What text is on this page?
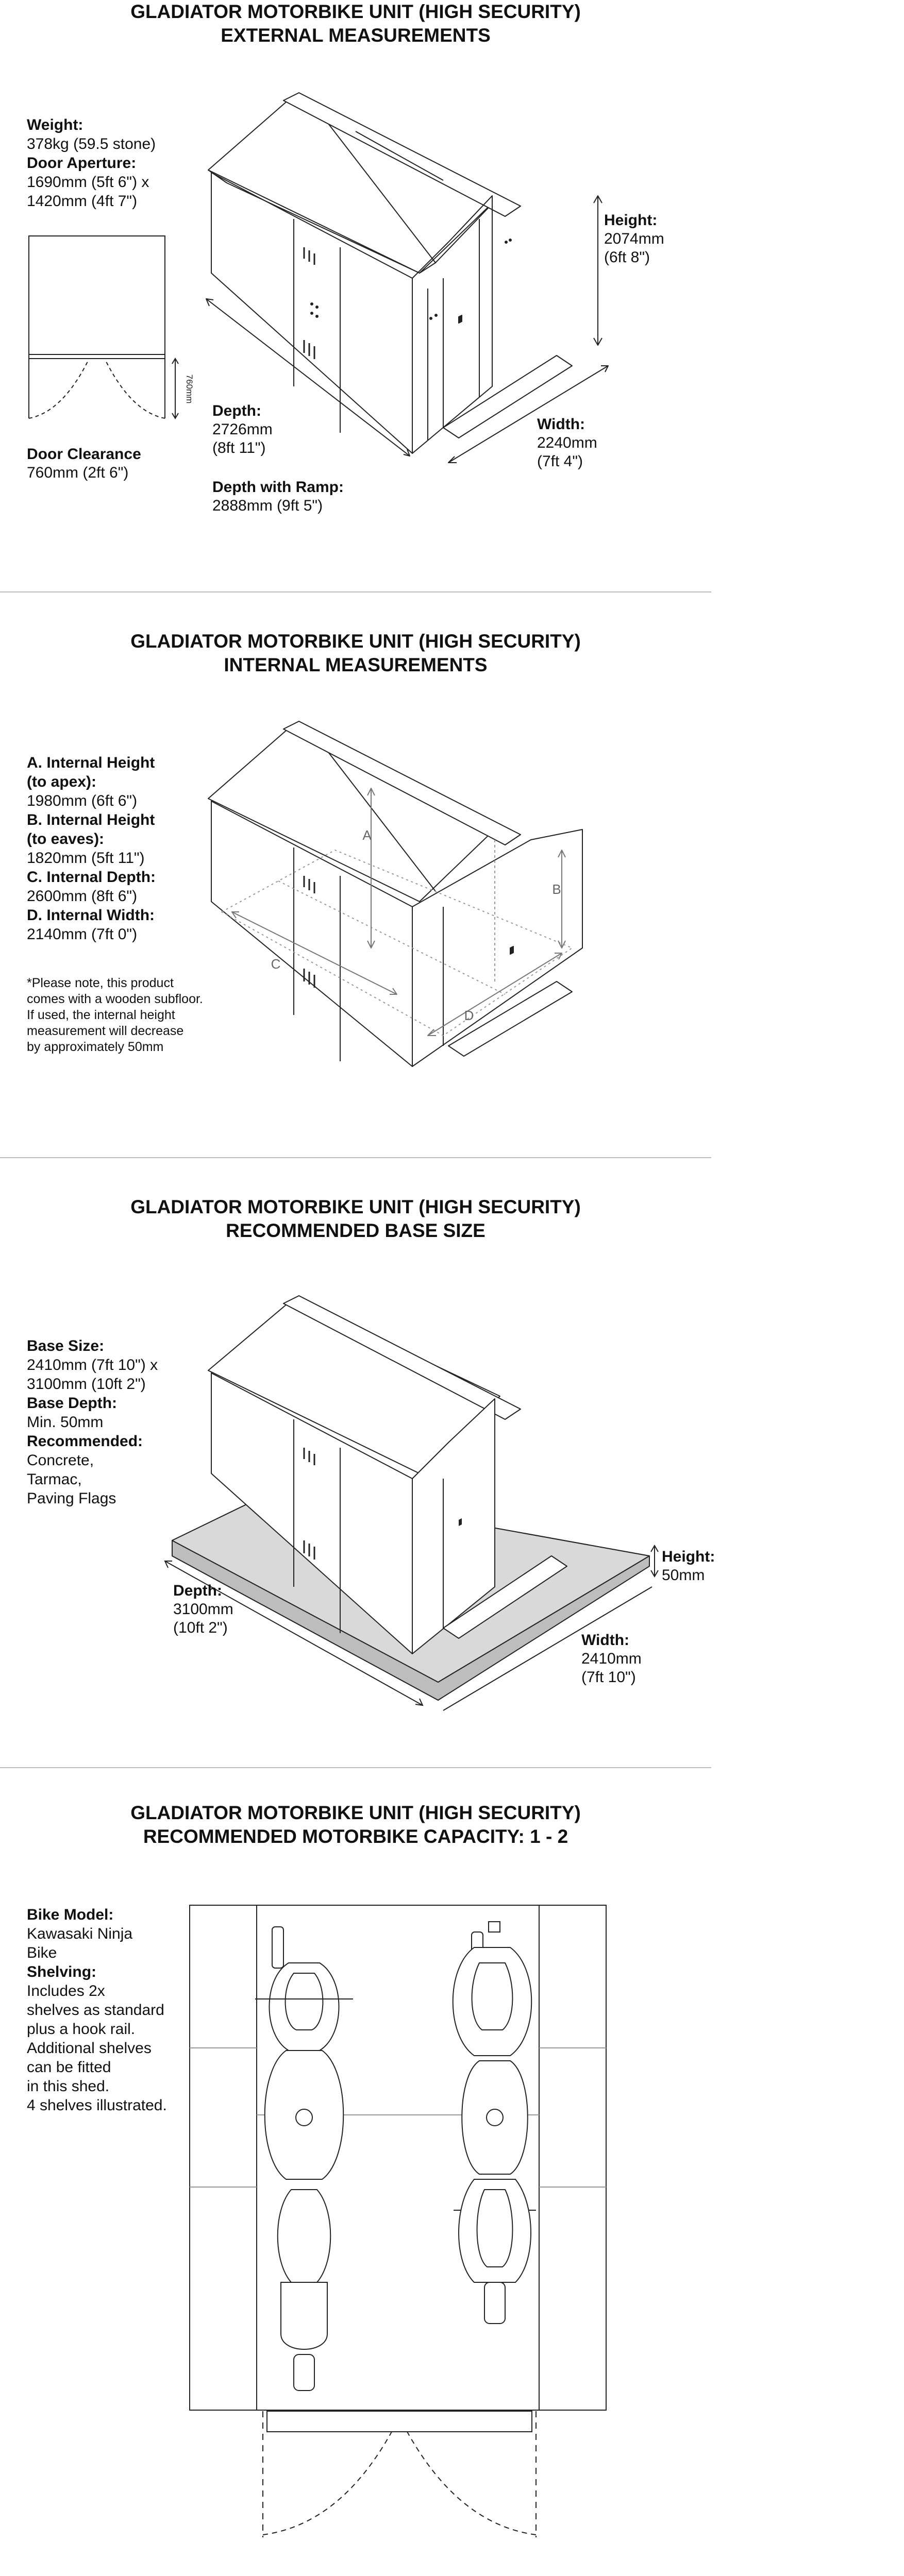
GLADIATOR MOTORBIKE UNIT (HIGH SECURITY)
EXTERNAL MEASUREMENTS
Weight:
378kg (59.5 stone)
Door Aperture:
1690mm (5ft 6") x
1420mm (4ft 7")
760mm
Door Clearance
760mm (2ft 6")
Height:
2074mm
(6ft 8")
Depth:
2726mm
(8ft 11")
Width:
2240mm
(7ft 4")
Depth with Ramp:
2888mm (9ft 5")
GLADIATOR MOTORBIKE UNIT (HIGH SECURITY)
INTERNAL MEASUREMENTS
A. Internal Height
(to apex):
1980mm (6ft 6")
B. Internal Height
(to eaves):
1820mm (5ft 11")
C. Internal Depth:
2600mm (8ft 6")
D. Internal Width:
2140mm (7ft 0")
*Please note, this product
comes with a wooden subfloor.
If used, the internal height
measurement will decrease
by approximately 50mm
A
B
C
D
GLADIATOR MOTORBIKE UNIT (HIGH SECURITY)
RECOMMENDED BASE SIZE
Base Size:
2410mm (7ft 10") x
3100mm (10ft 2")
Base Depth:
Min. 50mm
Recommended:
Concrete,
Tarmac,
Paving Flags
Height:
50mm
Depth:
3100mm
(10ft 2")
Width:
2410mm
(7ft 10")
GLADIATOR MOTORBIKE UNIT (HIGH SECURITY)
RECOMMENDED MOTORBIKE CAPACITY: 1 - 2
Bike Model:
Kawasaki Ninja
Bike
Shelving:
Includes 2x
shelves as standard
plus a hook rail.
Additional shelves
can be fitted
in this shed.
4 shelves illustrated.
